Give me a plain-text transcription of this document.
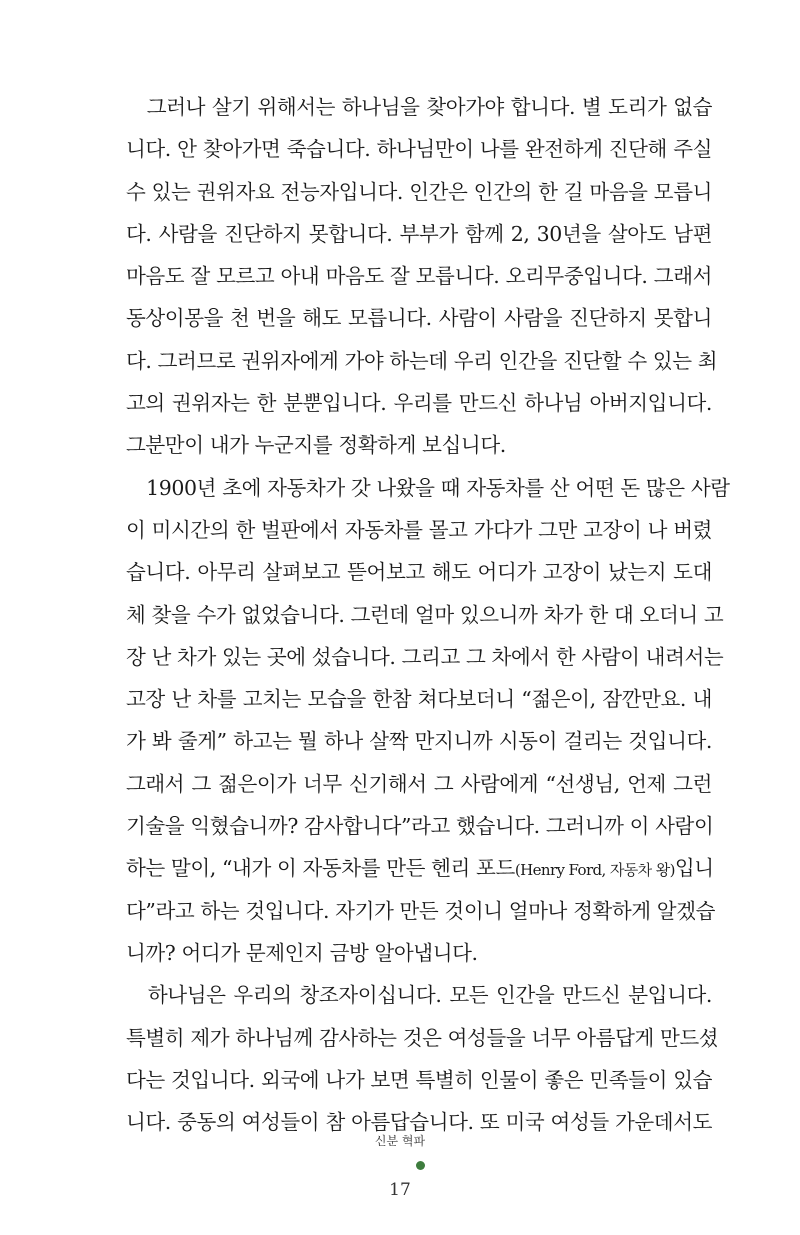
　그러나 살기 위해서는 하나님을 찾아가야 합니다. 별 도리가 없습
니다. 안 찾아가면 죽습니다. 하나님만이 나를 완전하게 진단해 주실
수 있는 권위자요 전능자입니다. 인간은 인간의 한 길 마음을 모릅니
다. 사람을 진단하지 못합니다. 부부가 함께 2, 30년을 살아도 남편
마음도 잘 모르고 아내 마음도 잘 모릅니다. 오리무중입니다. 그래서
동상이몽을 천 번을 해도 모릅니다. 사람이 사람을 진단하지 못합니
다. 그러므로 권위자에게 가야 하는데 우리 인간을 진단할 수 있는 최
고의 권위자는 한 분뿐입니다. 우리를 만드신 하나님 아버지입니다.
그분만이 내가 누군지를 정확하게 보십니다.
　1900년 초에 자동차가 갓 나왔을 때 자동차를 산 어떤 돈 많은 사람
이 미시간의 한 벌판에서 자동차를 몰고 가다가 그만 고장이 나 버렸
습니다. 아무리 살펴보고 뜯어보고 해도 어디가 고장이 났는지 도대
체 찾을 수가 없었습니다. 그런데 얼마 있으니까 차가 한 대 오더니 고
장 난 차가 있는 곳에 섰습니다. 그리고 그 차에서 한 사람이 내려서는
고장 난 차를 고치는 모습을 한참 쳐다보더니 “젊은이, 잠깐만요. 내
가 봐 줄게” 하고는 뭘 하나 살짝 만지니까 시동이 걸리는 것입니다.
그래서 그 젊은이가 너무 신기해서 그 사람에게 “선생님, 언제 그런
기술을 익혔습니까? 감사합니다”라고 했습니다. 그러니까 이 사람이
하는 말이, “내가 이 자동차를 만든 헨리 포드(Henry Ford, 자동차 왕)입니
다”라고 하는 것입니다. 자기가 만든 것이니 얼마나 정확하게 알겠습
니까? 어디가 문제인지 금방 알아냅니다.
　하나님은 우리의 창조자이십니다. 모든 인간을 만드신 분입니다.
특별히 제가 하나님께 감사하는 것은 여성들을 너무 아름답게 만드셨
다는 것입니다. 외국에 나가 보면 특별히 인물이 좋은 민족들이 있습
니다. 중동의 여성들이 참 아름답습니다. 또 미국 여성들 가운데서도
신분 혁파
17
